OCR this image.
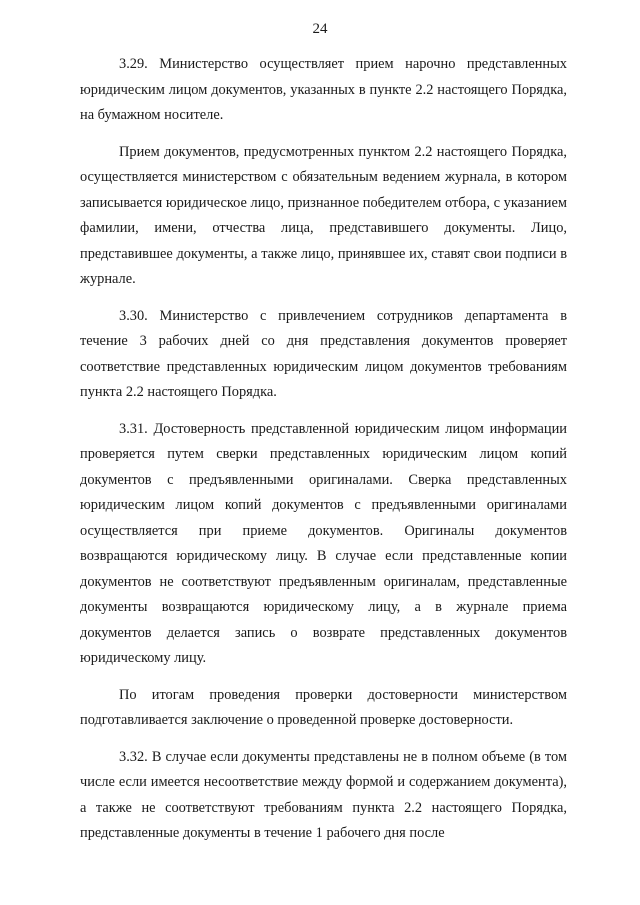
24

3.29. Министерство осуществляет прием нарочно представленных юридическим лицом документов, указанных в пункте 2.2 настоящего Порядка, на бумажном носителе.

Прием документов, предусмотренных пунктом 2.2 настоящего Порядка, осуществляется министерством с обязательным ведением журнала, в котором записывается юридическое лицо, признанное победителем отбора, с указанием фамилии, имени, отчества лица, представившего документы. Лицо, представившее документы, а также лицо, принявшее их, ставят свои подписи в журнале.

3.30. Министерство с привлечением сотрудников департамента в течение 3 рабочих дней со дня представления документов проверяет соответствие представленных юридическим лицом документов требованиям пункта 2.2 настоящего Порядка.

3.31. Достоверность представленной юридическим лицом информации проверяется путем сверки представленных юридическим лицом копий документов с предъявленными оригиналами. Сверка представленных юридическим лицом копий документов с предъявленными оригиналами осуществляется при приеме документов. Оригиналы документов возвращаются юридическому лицу. В случае если представленные копии документов не соответствуют предъявленным оригиналам, представленные документы возвращаются юридическому лицу, а в журнале приема документов делается запись о возврате представленных документов юридическому лицу.

По итогам проведения проверки достоверности министерством подготавливается заключение о проведенной проверке достоверности.

3.32. В случае если документы представлены не в полном объеме (в том числе если имеется несоответствие между формой и содержанием документа), а также не соответствуют требованиям пункта 2.2 настоящего Порядка, представленные документы в течение 1 рабочего дня после
